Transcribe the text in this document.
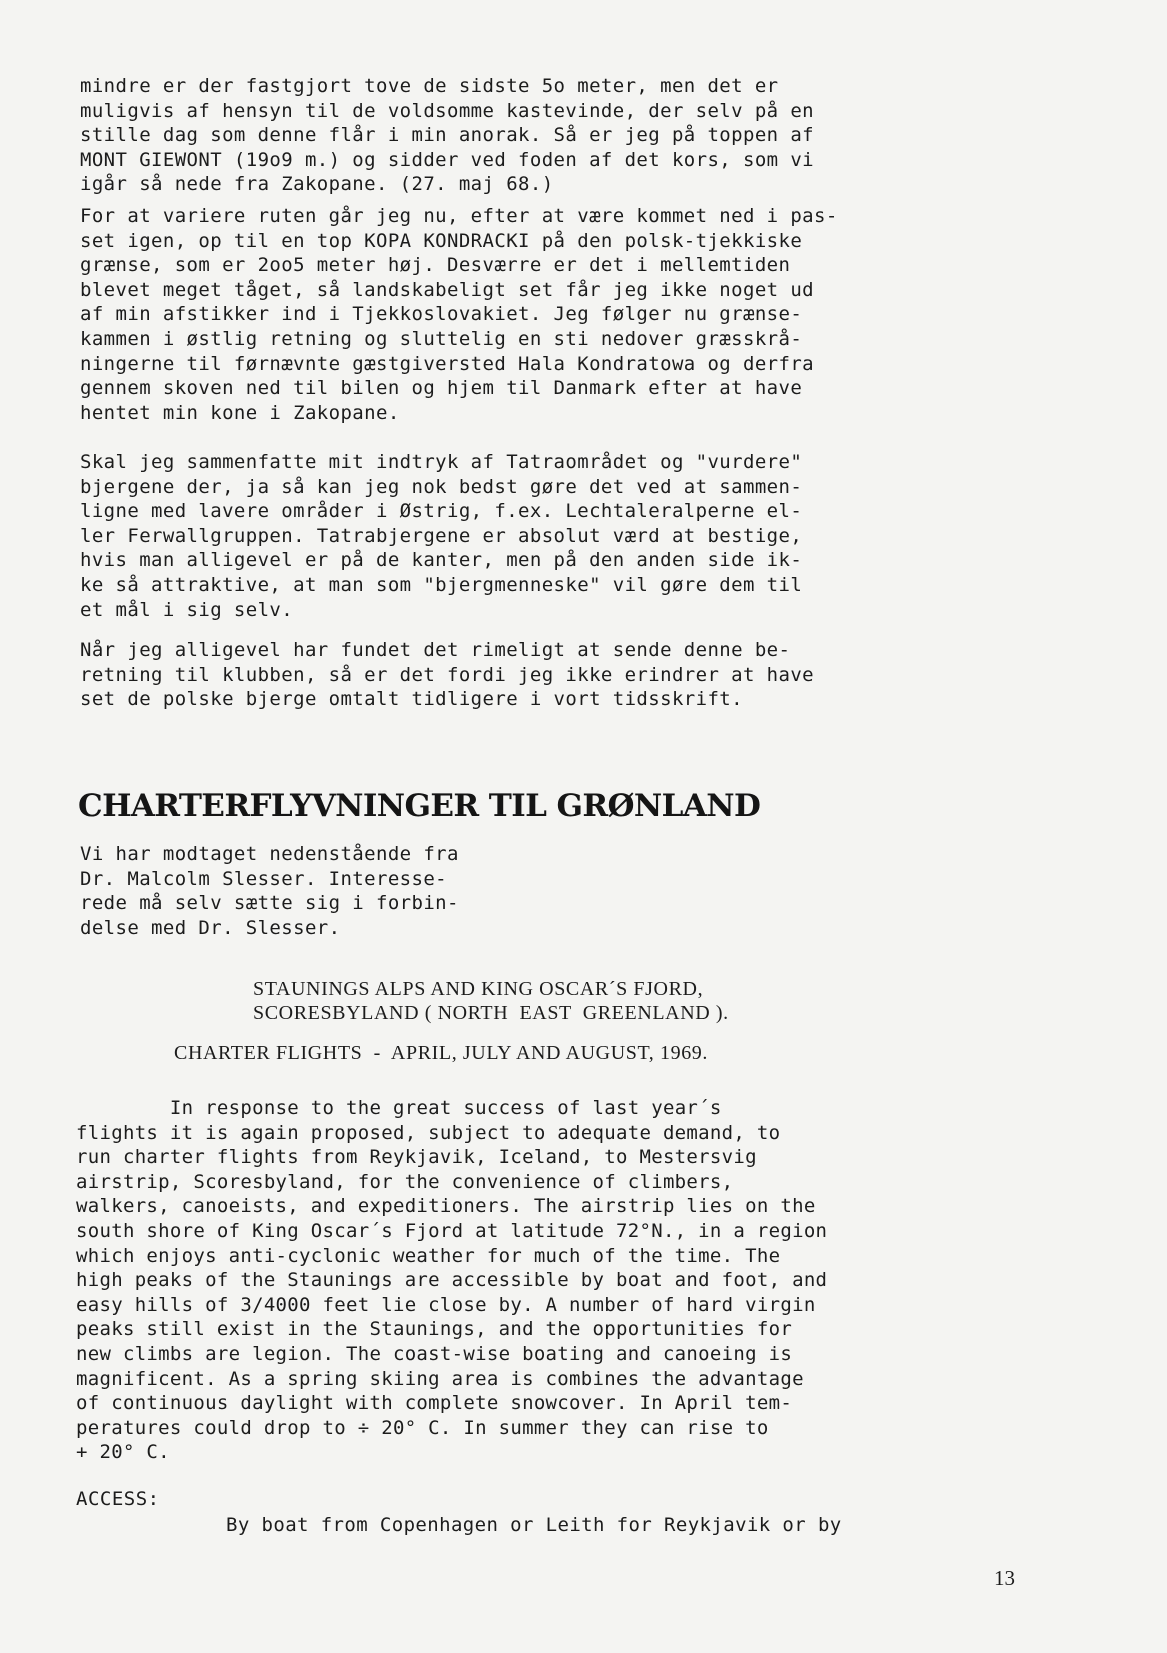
mindre er der fastgjort tove de sidste 5o meter, men det er
muligvis af hensyn til de voldsomme kastevinde, der selv på en
stille dag som denne flår i min anorak. Så er jeg på toppen af
MONT GIEWONT (19o9 m.) og sidder ved foden af det kors, som vi
igår så nede fra Zakopane. (27. maj 68.)

For at variere ruten går jeg nu, efter at være kommet ned i pas-
set igen, op til en top KOPA KONDRACKI på den polsk-tjekkiske
grænse, som er 2oo5 meter høj. Desværre er det i mellemtiden
blevet meget tåget, så landskabeligt set får jeg ikke noget ud
af min afstikker ind i Tjekkoslovakiet. Jeg følger nu grænse-
kammen i østlig retning og sluttelig en sti nedover græsskrå-
ningerne til førnævnte gæstgiversted Hala Kondratowa og derfra
gennem skoven ned til bilen og hjem til Danmark efter at have
hentet min kone i Zakopane.

Skal jeg sammenfatte mit indtryk af Tatraområdet og "vurdere"
bjergene der, ja så kan jeg nok bedst gøre det ved at sammen-
ligne med lavere områder i Østrig, f.ex. Lechtaleralperne el-
ler Ferwallgruppen. Tatrabjergene er absolut værd at bestige,
hvis man alligevel er på de kanter, men på den anden side ik-
ke så attraktive, at man som "bjergmenneske" vil gøre dem til
et mål i sig selv.

Når jeg alligevel har fundet det rimeligt at sende denne be-
retning til klubben, så er det fordi jeg ikke erindrer at have
set de polske bjerge omtalt tidligere i vort tidsskrift.

CHARTERFLYVNINGER TIL GRØNLAND

Vi har modtaget nedenstående fra
Dr. Malcolm Slesser. Interesse-
rede må selv sætte sig i forbin-
delse med Dr. Slesser.

STAUNINGS ALPS AND KING OSCAR´S FJORD,

SCORESBYLAND ( NORTH  EAST  GREENLAND ).

CHARTER FLIGHTS  -  APRIL, JULY AND AUGUST, 1969.

In response to the great success of last year´s
flights it is again proposed, subject to adequate demand, to
run charter flights from Reykjavik, Iceland, to Mestersvig
airstrip, Scoresbyland, for the convenience of climbers,
walkers, canoeists, and expeditioners. The airstrip lies on the
south shore of King Oscar´s Fjord at latitude 72°N., in a region
which enjoys anti-cyclonic weather for much of the time. The
high peaks of the Staunings are accessible by boat and foot, and
easy hills of 3/4000 feet lie close by. A number of hard virgin
peaks still exist in the Staunings, and the opportunities for
new climbs are legion. The coast-wise boating and canoeing is
magnificent. As a spring skiing area is combines the advantage
of continuous daylight with complete snowcover. In April tem-
peratures could drop to ÷ 20° C. In summer they can rise to
+ 20° C.

ACCESS:

By boat from Copenhagen or Leith for Reykjavik or by

13
